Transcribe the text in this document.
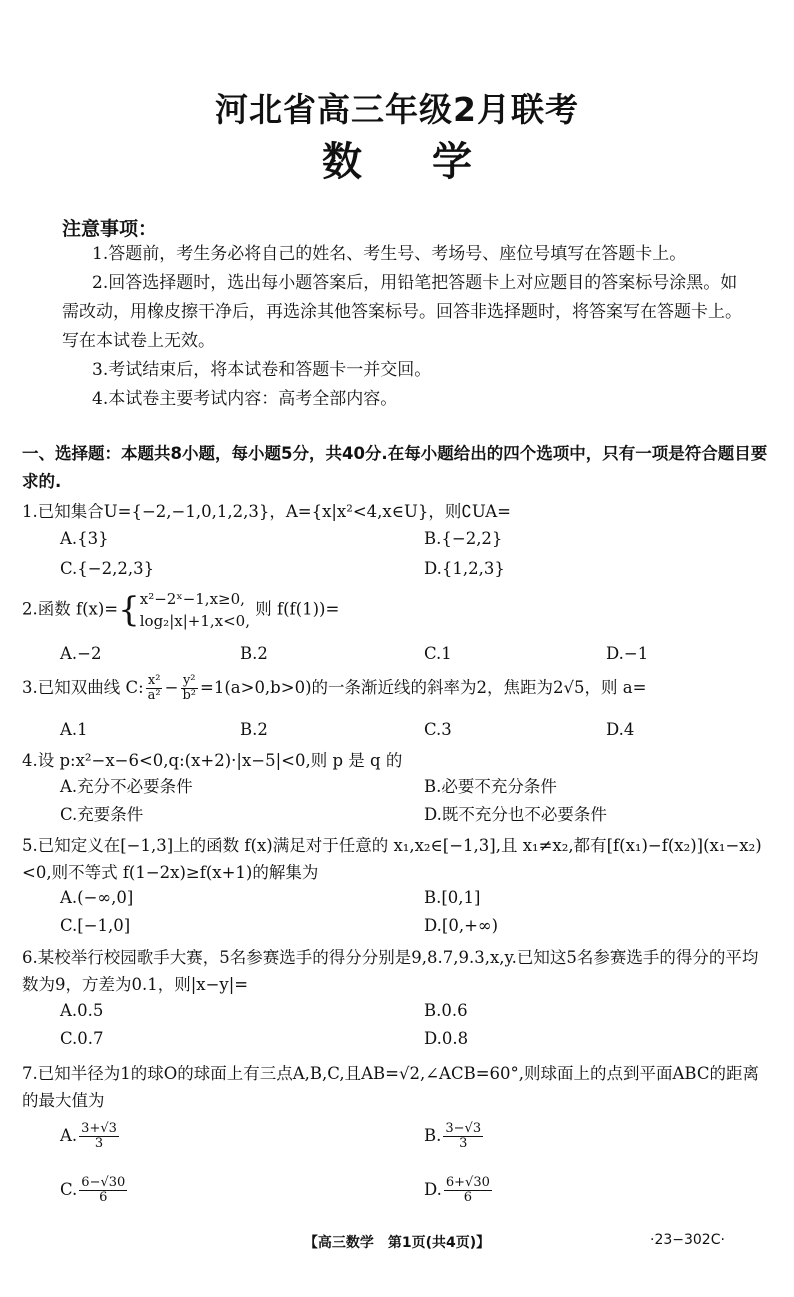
河北省高三年级2月联考
数学
注意事项：
1.答题前，考生务必将自己的姓名、考生号、考场号、座位号填写在答题卡上。
2.回答选择题时，选出每小题答案后，用铅笔把答题卡上对应题目的答案标号涂黑。如需改动，用橡皮擦干净后，再选涂其他答案标号。回答非选择题时，将答案写在答题卡上。写在本试卷上无效。
3.考试结束后，将本试卷和答题卡一并交回。
4.本试卷主要考试内容：高考全部内容。
一、选择题：本题共8小题，每小题5分，共40分.在每小题给出的四个选项中，只有一项是符合题目要求的.
1.已知集合U={−2,−1,0,1,2,3}，A={x|x²<4,x∈U}，则∁UA=
A.{3}	B.{−2,2}
C.{−2,2,3}	D.{1,2,3}
2.函数 f(x)={ x²−2ˣ−1,x≥0,
log₂|x|+1,x<0,
则 f(f(1))=
A.−2	B.2	C.1	D.−1
3.已知双曲线 C: $\frac{\text{x²}}{\text{a²}} - \frac{\text{y²}}{\text{b²}} =1(a>0,b>0)$的一条渐近线的斜率为2，焦距为2√5，则 a=
A.1	B.2	C.3	D.4
4.设 p:x²−x−6<0,q:(x+2)·|x−5|<0,则 p 是 q 的
A.充分不必要条件	B.必要不充分条件
C.充要条件	D.既不充分也不必要条件
5.已知定义在[−1,3]上的函数 f(x)满足对于任意的 x₁,x₂∈[−1,3],且 x₁≠x₂,都有[f(x₁)−f(x₂)](x₁−x₂)<0,则不等式 f(1−2x)≥f(x+1)的解集为
A.(−∞,0]	B.[0,1]
C.[−1,0]	D.[0,+∞)
6.某校举行校园歌手大赛，5名参赛选手的得分分别是9,8.7,9.3,x,y.已知这5名参赛选手的得分的平均数为9，方差为0.1，则|x−y|=
A.0.5	B.0.6
C.0.7	D.0.8
7.已知半径为1的球O的球面上有三点A,B,C,且AB=√2,∠ACB=60°,则球面上的点到平面ABC的距离的最大值为
A. $\frac{3+√3}{3}$	B. $\frac{3-√3}{3}$
C. $\frac{6-√30}{6}$	D. $\frac{6+√30}{6}$
【高三数学　第1页(共4页)】	·23−302C·
